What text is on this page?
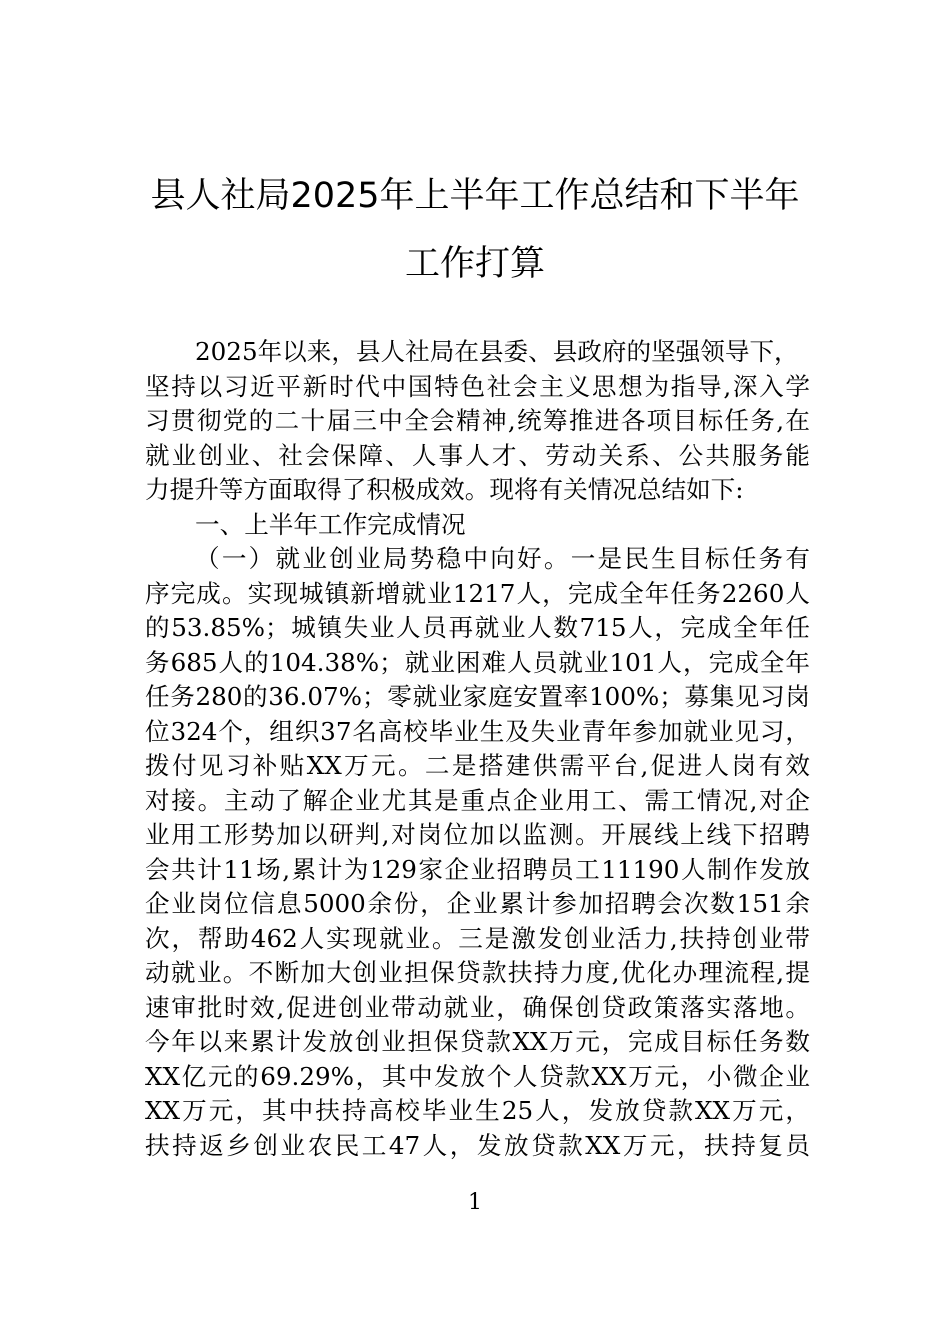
县人社局2025年上半年工作总结和下半年
工作打算
2025年以来，县人社局在县委、县政府的坚强领导下，
坚持以习近平新时代中国特色社会主义思想为指导,深入学
习贯彻党的二十届三中全会精神,统筹推进各项目标任务,在
就业创业、社会保障、人事人才、劳动关系、公共服务能
力提升等方面取得了积极成效。现将有关情况总结如下:
一、上半年工作完成情况
（一）就业创业局势稳中向好。一是民生目标任务有
序完成。实现城镇新增就业1217人，完成全年任务2260人
的53.85%；城镇失业人员再就业人数715人，完成全年任
务685人的104.38%；就业困难人员就业101人，完成全年
任务280的36.07%；零就业家庭安置率100%；募集见习岗
位324个，组织37名高校毕业生及失业青年参加就业见习，
拨付见习补贴XX万元。二是搭建供需平台,促进人岗有效
对接。主动了解企业尤其是重点企业用工、需工情况,对企
业用工形势加以研判,对岗位加以监测。开展线上线下招聘
会共计11场,累计为129家企业招聘员工11190人制作发放
企业岗位信息5000余份，企业累计参加招聘会次数151余
次，帮助462人实现就业。三是激发创业活力,扶持创业带
动就业。不断加大创业担保贷款扶持力度,优化办理流程,提
速审批时效,促进创业带动就业，确保创贷政策落实落地。
今年以来累计发放创业担保贷款XX万元，完成目标任务数
XX亿元的69.29%，其中发放个人贷款XX万元，小微企业
XX万元，其中扶持高校毕业生25人，发放贷款XX万元，
扶持返乡创业农民工47人，发放贷款XX万元，扶持复员
1
